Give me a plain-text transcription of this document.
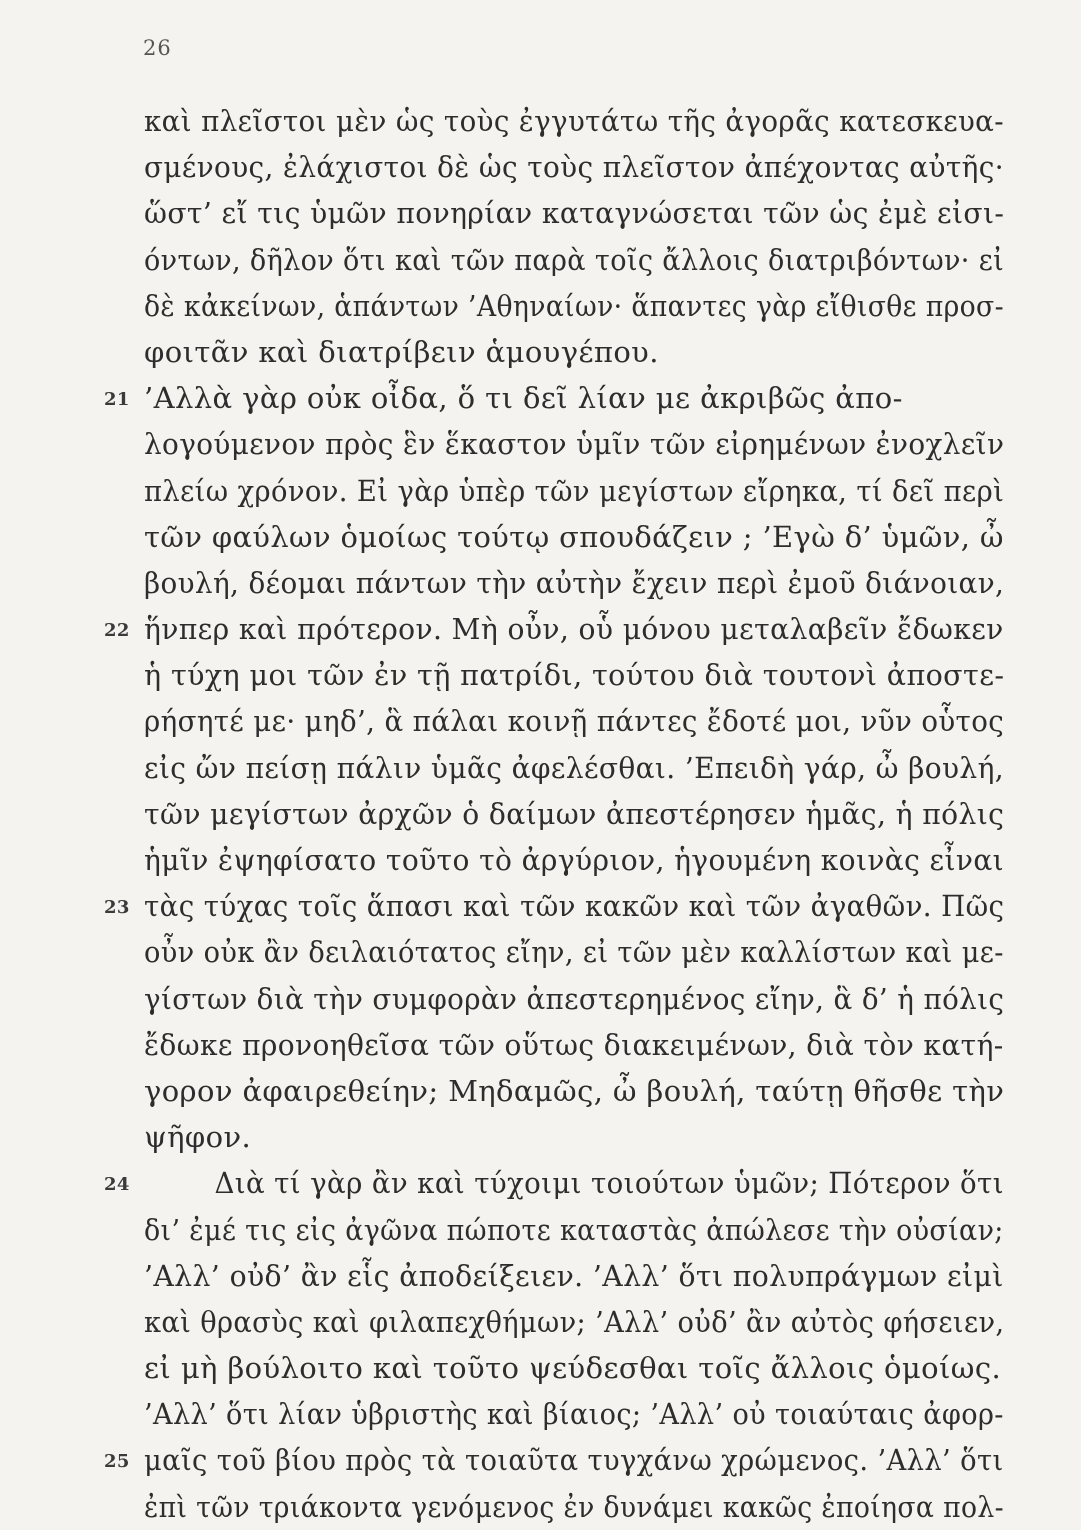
26
καὶ πλεῖστοι μὲν ὡς τοὺς ἐγγυτάτω τῆς ἀγορᾶς κατεσκευα-
σμένους, ἐλάχιστοι δὲ ὡς τοὺς πλεῖστον ἀπέχοντας αὐτῆς·
ὥστ’ εἴ τις ὑμῶν πονηρίαν καταγνώσεται τῶν ὡς ἐμὲ εἰσι-
όντων, δῆλον ὅτι καὶ τῶν παρὰ τοῖς ἄλλοις διατριβόντων· εἰ
δὲ κἀκείνων, ἁπάντων ’Αθηναίων· ἅπαντες γὰρ εἴθισθε προσ-
φοιτᾶν καὶ διατρίβειν ἁμουγέπου.
21 ’Αλλὰ γὰρ οὐκ οἶδα, ὅ τι δεῖ λίαν με ἀκριβῶς ἀπο-
λογούμενον πρὸς ἓν ἕκαστον ὑμῖν τῶν εἰρημένων ἐνοχλεῖν
πλείω χρόνον. Εἰ γὰρ ὑπὲρ τῶν μεγίστων εἴρηκα, τί δεῖ περὶ
τῶν φαύλων ὁμοίως τούτῳ σπουδάζειν ; ’Εγὼ δ’ ὑμῶν, ὦ
βουλή, δέομαι πάντων τὴν αὐτὴν ἔχειν περὶ ἐμοῦ διάνοιαν,
22 ἥνπερ καὶ πρότερον. Μὴ οὖν, οὗ μόνου μεταλαβεῖν ἔδωκεν
ἡ τύχη μοι τῶν ἐν τῇ πατρίδι, τούτου διὰ τουτονὶ ἀποστε-
ρήσητέ με· μηδ’, ἃ πάλαι κοινῇ πάντες ἔδοτέ μοι, νῦν οὗτος
εἰς ὤν πείσῃ πάλιν ὑμᾶς ἀφελέσθαι. ’Επειδὴ γάρ, ὦ βουλή,
τῶν μεγίστων ἀρχῶν ὁ δαίμων ἀπεστέρησεν ἡμᾶς, ἡ πόλις
ἡμῖν ἐψηφίσατο τοῦτο τὸ ἀργύριον, ἡγουμένη κοινὰς εἶναι
23 τὰς τύχας τοῖς ἅπασι καὶ τῶν κακῶν καὶ τῶν ἀγαθῶν. Πῶς
οὖν οὐκ ἂν δειλαιότατος εἴην, εἰ τῶν μὲν καλλίστων καὶ με-
γίστων διὰ τὴν συμφορὰν ἀπεστερημένος εἴην, ἃ δ’ ἡ πόλις
ἔδωκε προνοηθεῖσα τῶν οὕτως διακειμένων, διὰ τὸν κατή-
γορον ἀφαιρεθείην; Μηδαμῶς, ὦ βουλή, ταύτῃ θῆσθε τὴν
ψῆφον.
24	Διὰ τί γὰρ ἂν καὶ τύχοιμι τοιούτων ὑμῶν; Πότερον ὅτι
δι’ ἐμέ τις εἰς ἀγῶνα πώποτε καταστὰς ἀπώλεσε τὴν οὐσίαν;
’Αλλ’ οὐδ’ ἂν εἷς ἀποδείξειεν. ’Αλλ’ ὅτι πολυπράγμων εἰμὶ
καὶ θρασὺς καὶ φιλαπεχθήμων; ’Αλλ’ οὐδ’ ἂν αὐτὸς φήσειεν,
εἰ μὴ βούλοιτο καὶ τοῦτο ψεύδεσθαι τοῖς ἄλλοις ὁμοίως.
’Αλλ’ ὅτι λίαν ὑβριστὴς καὶ βίαιος; ’Αλλ’ οὐ τοιαύταις ἀφορ-
25 μαῖς τοῦ βίου πρὸς τὰ τοιαῦτα τυγχάνω χρώμενος. ’Αλλ’ ὅτι
ἐπὶ τῶν τριάκοντα γενόμενος ἐν δυνάμει κακῶς ἐποίησα πολ-
